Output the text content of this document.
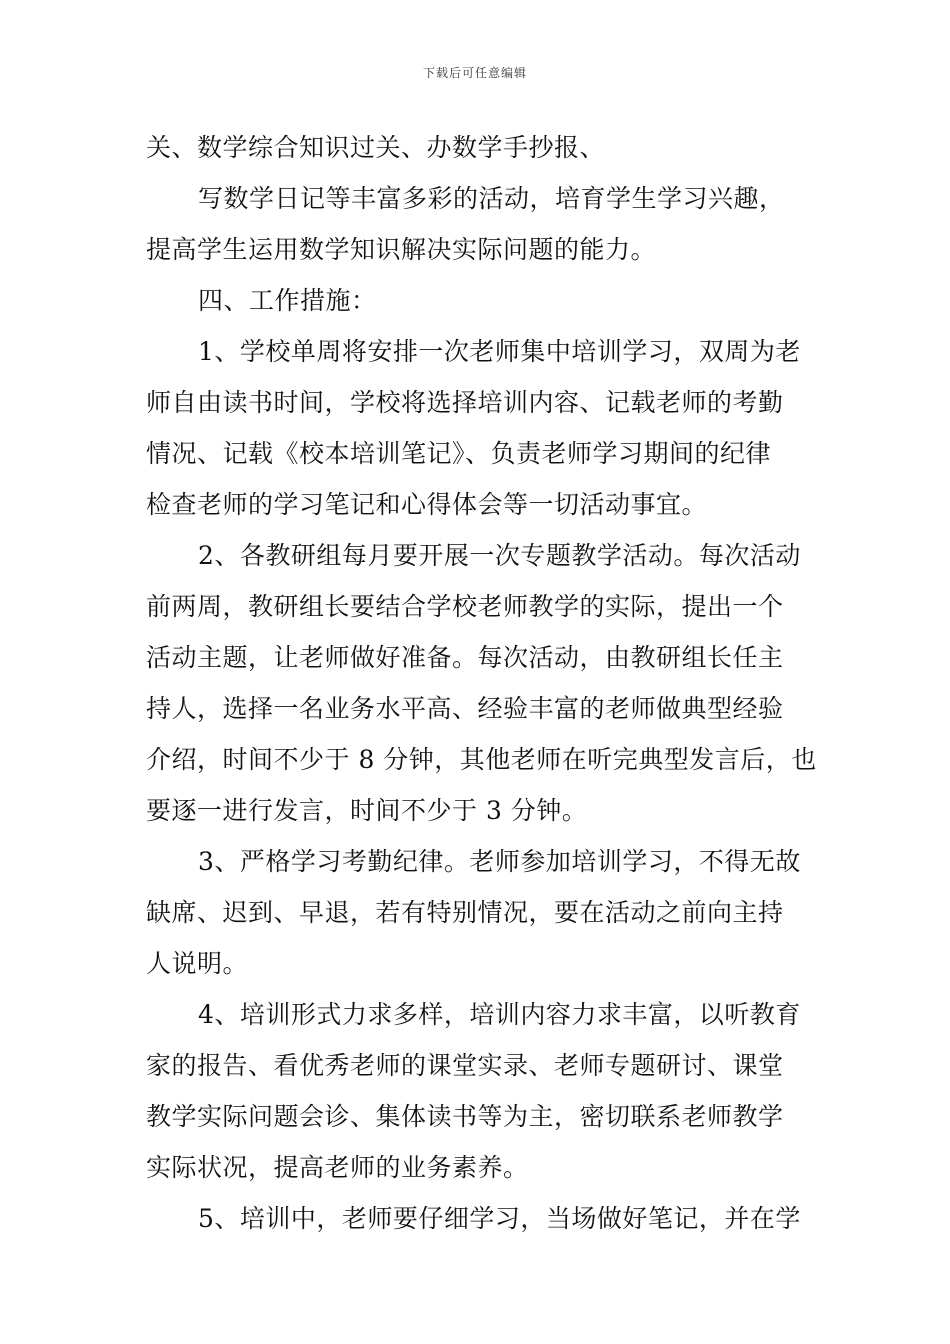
下载后可任意编辑
关、数学综合知识过关、办数学手抄报、
写数学日记等丰富多彩的活动，培育学生学习兴趣，
提高学生运用数学知识解决实际问题的能力。
四、工作措施：
1、学校单周将安排一次老师集中培训学习，双周为老
师自由读书时间，学校将选择培训内容、记载老师的考勤
情况、记载《校本培训笔记》、负责老师学习期间的纪律
检查老师的学习笔记和心得体会等一切活动事宜。
2、各教研组每月要开展一次专题教学活动。每次活动
前两周，教研组长要结合学校老师教学的实际，提出一个
活动主题，让老师做好准备。每次活动，由教研组长任主
持人，选择一名业务水平高、经验丰富的老师做典型经验
介绍，时间不少于 8 分钟，其他老师在听完典型发言后，也
要逐一进行发言，时间不少于 3 分钟。
3、严格学习考勤纪律。老师参加培训学习，不得无故
缺席、迟到、早退，若有特别情况，要在活动之前向主持
人说明。
4、培训形式力求多样，培训内容力求丰富，以听教育
家的报告、看优秀老师的课堂实录、老师专题研讨、课堂
教学实际问题会诊、集体读书等为主，密切联系老师教学
实际状况，提高老师的业务素养。
5、培训中，老师要仔细学习，当场做好笔记，并在学
